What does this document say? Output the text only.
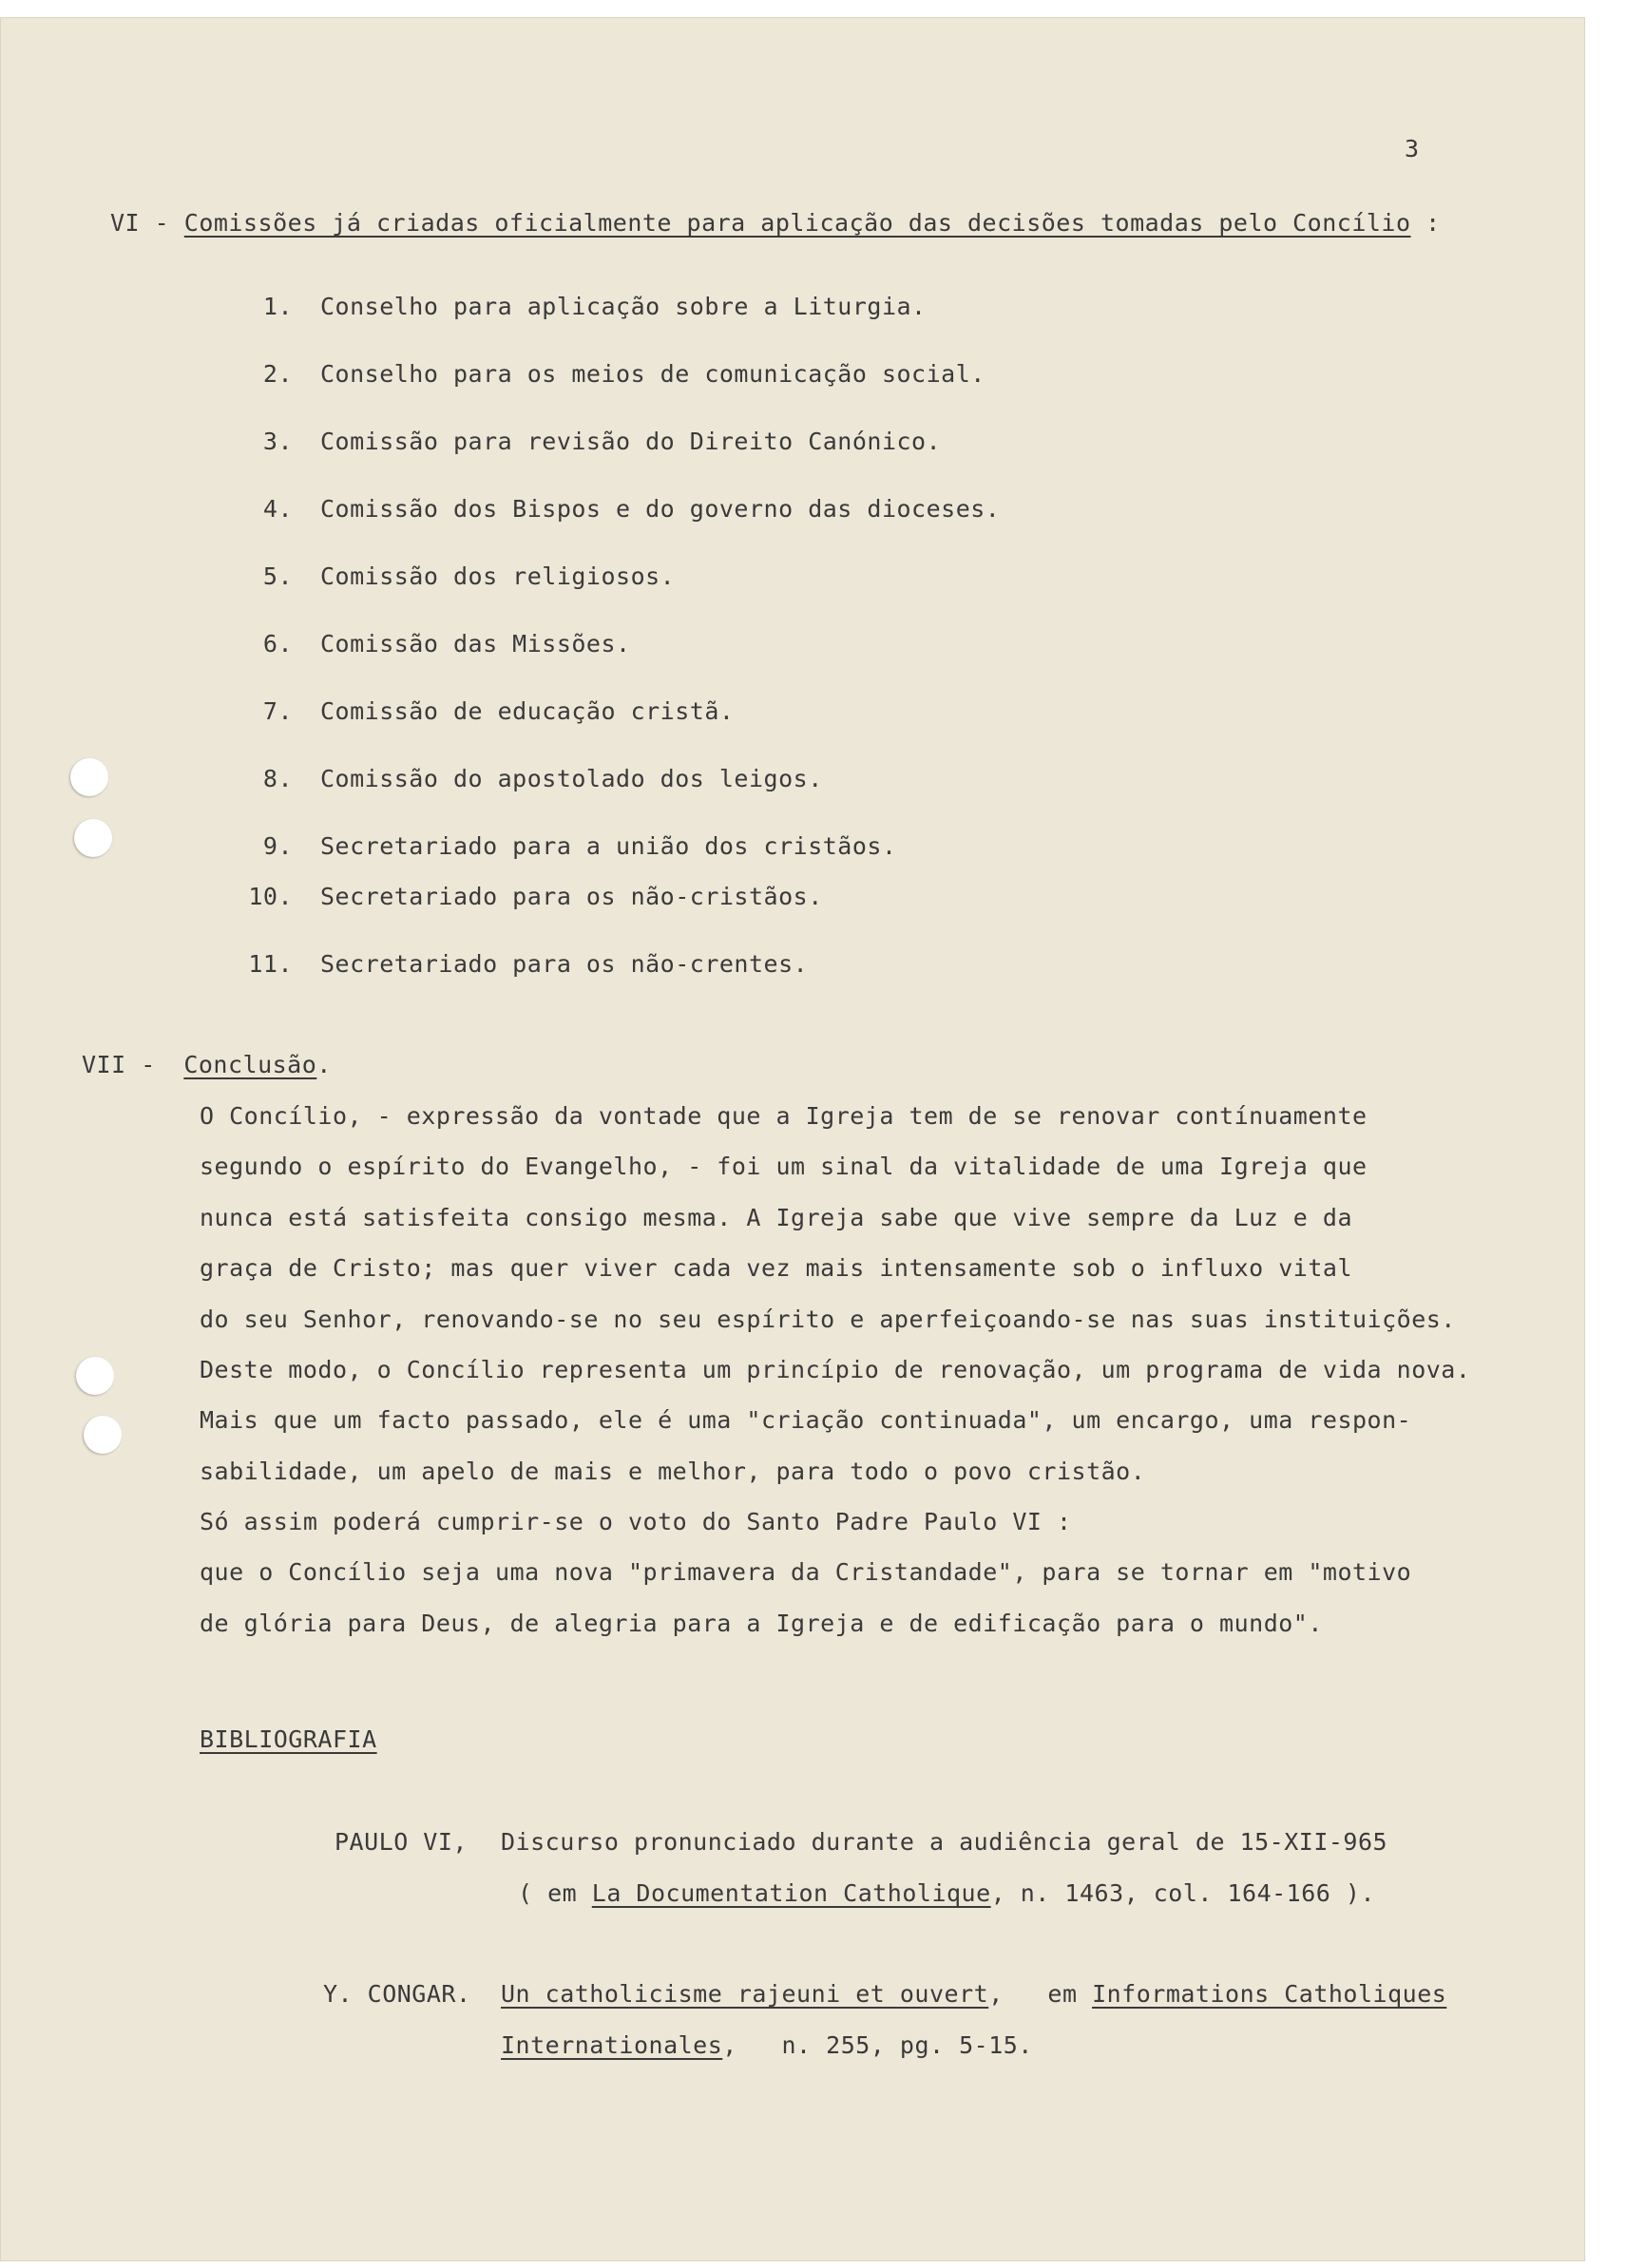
3
VI - Comissões já criadas oficialmente para aplicação das decisões tomadas pelo Concílio :
1. Conselho para aplicação sobre a Liturgia.
2. Conselho para os meios de comunicação social.
3. Comissão para revisão do Direito Canónico.
4. Comissão dos Bispos e do governo das dioceses.
5. Comissão dos religiosos.
6. Comissão das Missões.
7. Comissão de educação cristã.
8. Comissão do apostolado dos leigos.
9. Secretariado para a união dos cristãos.
10. Secretariado para os não-cristãos.
11. Secretariado para os não-crentes.
VII - Conclusão.
O Concílio, - expressão da vontade que a Igreja tem de se renovar contínuamente
segundo o espírito do Evangelho, - foi um sinal da vitalidade de uma Igreja que
nunca está satisfeita consigo mesma. A Igreja sabe que vive sempre da Luz e da
graça de Cristo; mas quer viver cada vez mais intensamente sob o influxo vital
do seu Senhor, renovando-se no seu espírito e aperfeiçoando-se nas suas instituições.
Deste modo, o Concílio representa um princípio de renovação, um programa de vida nova.
Mais que um facto passado, ele é uma "criação continuada", um encargo, uma respon-
sabilidade, um apelo de mais e melhor, para todo o povo cristão.
Só assim poderá cumprir-se o voto do Santo Padre Paulo VI :
que o Concílio seja uma nova "primavera da Cristandade", para se tornar em "motivo
de glória para Deus, de alegria para a Igreja e de edificação para o mundo".
BIBLIOGRAFIA
PAULO VI, Discurso pronunciado durante a audiência geral de 15-XII-965
( em La Documentation Catholique, n. 1463, col. 164-166 ).
Y. CONGAR. Un catholicisme rajeuni et ouvert,   em Informations Catholiques
Internationales,   n. 255, pg. 5-15.
